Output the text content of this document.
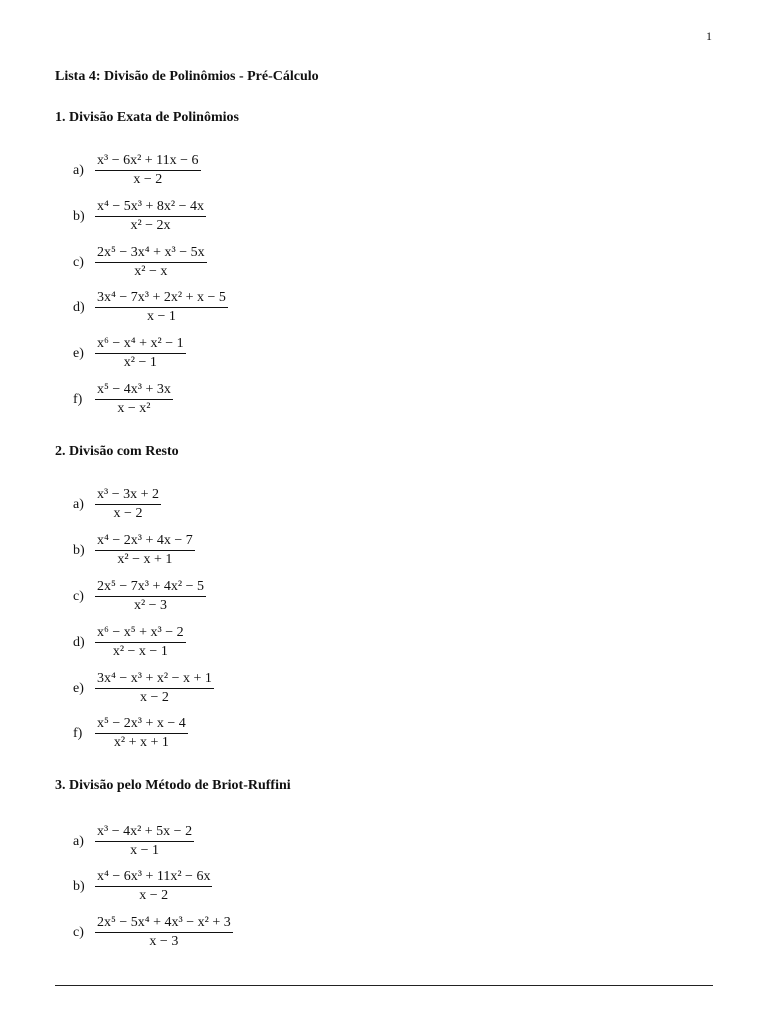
1
Lista 4: Divisão de Polinômios - Pré-Cálculo
1. Divisão Exata de Polinômios
$a) \frac{\text{x³ − 6x² + 11x − 6}}{x - 2}$
$b) \frac{\text{x⁴ − 5x³ + 8x² − 4x}}{\text{x² − 2x}}$
$c) \frac{\text{2x⁵ − 3x⁴ + x³ − 5x}}{\text{x² − x}}$
$d) \frac{\text{3x⁴ − 7x³ + 2x² + x − 5}}{x - 1}$
$e) \frac{\text{x⁶ − x⁴ + x² − 1}}{\text{x² − 1}}$
$f) \frac{\text{x⁵ − 4x³ + 3x}}{\text{x − x²}}$
2. Divisão com Resto
$a) \frac{\text{x³ − 3x + 2}}{x - 2}$
$b) \frac{\text{x⁴ − 2x³ + 4x − 7}}{\text{x² − x + 1}}$
$c) \frac{\text{2x⁵ − 7x³ + 4x² − 5}}{\text{x² − 3}}$
$d) \frac{\text{x⁶ − x⁵ + x³ − 2}}{\text{x² − x − 1}}$
$e) \frac{\text{3x⁴ − x³ + x² − x + 1}}{x - 2}$
$f) \frac{\text{x⁵ − 2x³ + x − 4}}{\text{x² + x + 1}}$
3. Divisão pelo Método de Briot-Ruffini
$a) \frac{\text{x³ − 4x² + 5x − 2}}{x - 1}$
$b) \frac{\text{x⁴ − 6x³ + 11x² − 6x}}{x - 2}$
$c) \frac{\text{2x⁵ − 5x⁴ + 4x³ − x² + 3}}{x - 3}$
